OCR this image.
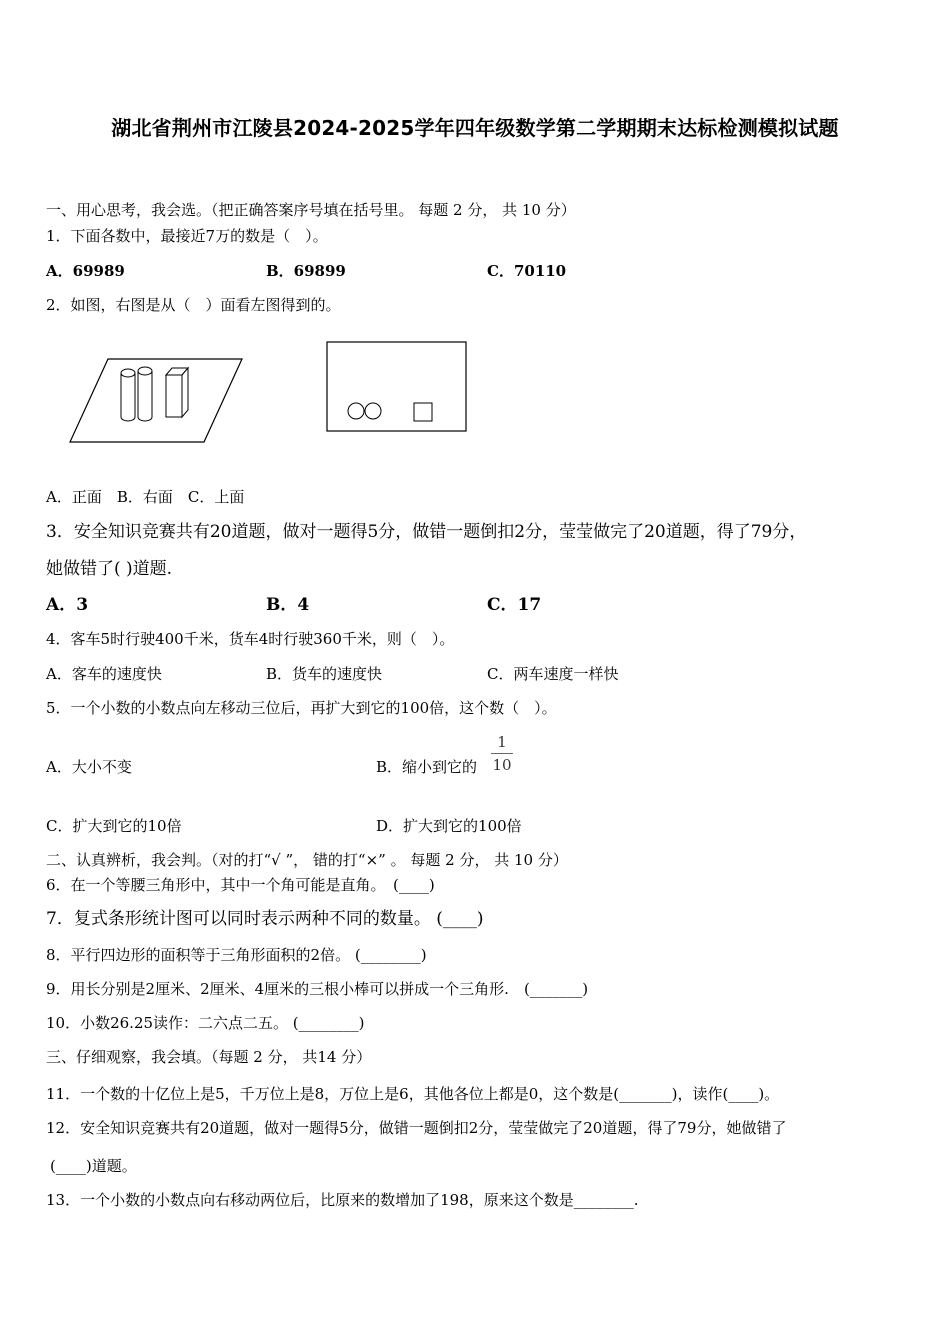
湖北省荆州市江陵县2024-2025学年四年级数学第二学期期末达标检测模拟试题
一、用心思考，我会选。（把正确答案序号填在括号里。 每题 2 分， 共 10 分）
1．下面各数中，最接近7万的数是（　）。
A．69989	B．69899	C．70110
2．如图，右图是从（　）面看左图得到的。
A．正面　B．右面　C．上面
3．安全知识竞赛共有20道题，做对一题得5分，做错一题倒扣2分，莹莹做完了20道题，得了79分，
她做错了( )道题.
A．3	B．4	C．17
4．客车5时行驶400千米，货车4时行驶360千米，则（　）。
A．客车的速度快	B．货车的速度快	C．两车速度一样快
5．一个小数的小数点向左移动三位后，再扩大到它的100倍，这个数（　）。
A．大小不变	B．缩小到它的
1
10
C．扩大到它的10倍	D．扩大到它的100倍
二、认真辨析，我会判。（对的打“√ ”， 错的打“×” 。 每题 2 分， 共 10 分）
6．在一个等腰三角形中，其中一个角可能是直角。　(____)
7．复式条形统计图可以同时表示两种不同的数量。 (____)
8．平行四边形的面积等于三角形面积的2倍。 (________)
9．用长分别是2厘米、2厘米、4厘米的三根小棒可以拼成一个三角形.　(_______)
10．小数26.25读作：二六点二五。 (________)
三、仔细观察，我会填。（每题 2 分， 共14 分）
11．一个数的十亿位上是5，千万位上是8，万位上是6，其他各位上都是0，这个数是(_______)，读作(____)。
12．安全知识竞赛共有20道题，做对一题得5分，做错一题倒扣2分，莹莹做完了20道题，得了79分，她做错了
(____)道题。
13．一个小数的小数点向右移动两位后，比原来的数增加了198，原来这个数是________.
